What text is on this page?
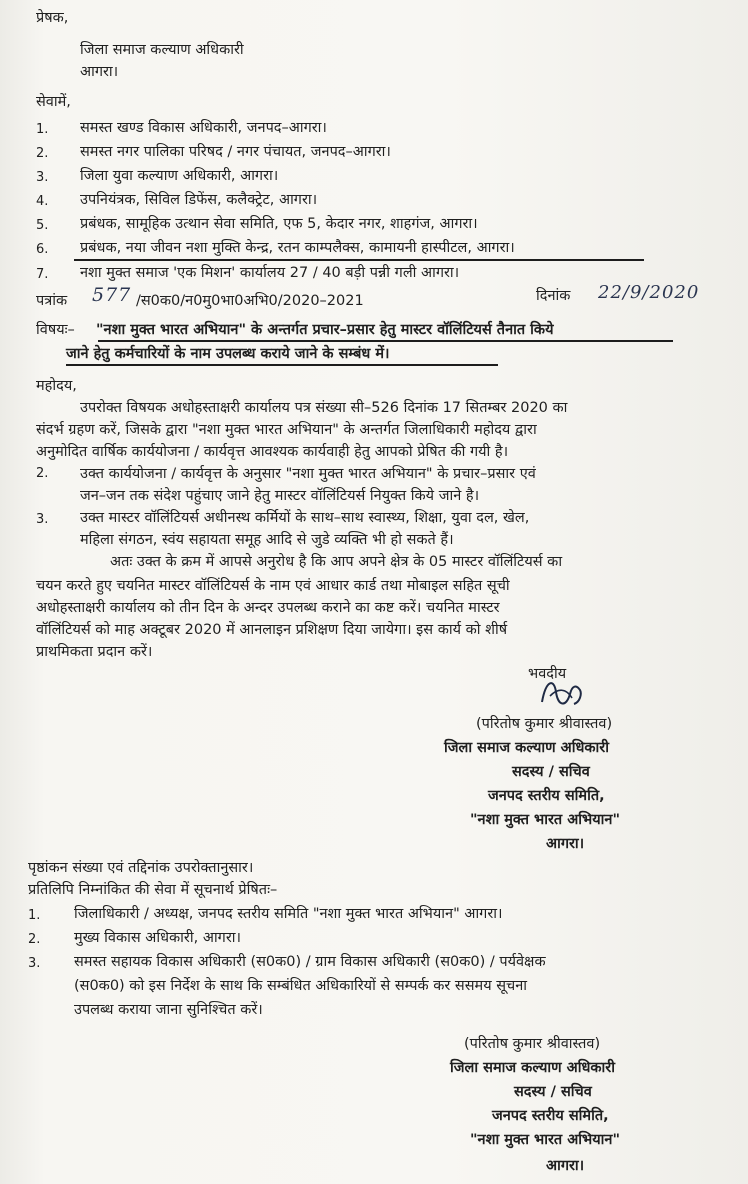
प्रेषक,
जिला समाज कल्याण अधिकारी
आगरा।
सेवामें,
1. समस्त खण्ड विकास अधिकारी, जनपद–आगरा।
2. समस्त नगर पालिका परिषद / नगर पंचायत, जनपद–आगरा।
3. जिला युवा कल्याण अधिकारी, आगरा।
4. उपनियंत्रक, सिविल डिफेंस, कलैक्ट्रेट, आगरा।
5. प्रबंधक, सामूहिक उत्थान सेवा समिति, एफ 5, केदार नगर, शाहगंज, आगरा।
6. प्रबंधक, नया जीवन नशा मुक्ति केन्द्र, रतन काम्पलैक्स, कामायनी हास्पीटल, आगरा।
7. नशा मुक्त समाज 'एक मिशन' कार्यालय 27 / 40 बड़ी पन्नी गली आगरा।
पत्रांक 577 /स0क0/न0मु0भा0अभि0/2020–2021	दिनांक 22/9/2020
विषयः– "नशा मुक्त भारत अभियान" के अन्तर्गत प्रचार–प्रसार हेतु मास्टर वॉलिंटियर्स तैनात किये
जाने हेतु कर्मचारियों के नाम उपलब्ध कराये जाने के सम्बंध में।
महोदय,
उपरोक्त विषयक अधोहस्ताक्षरी कार्यालय पत्र संख्या सी–526 दिनांक 17 सितम्बर 2020 का
संदर्भ ग्रहण करें, जिसके द्वारा "नशा मुक्त भारत अभियान" के अन्तर्गत जिलाधिकारी महोदय द्वारा
अनुमोदित वार्षिक कार्ययोजना / कार्यवृत्त आवश्यक कार्यवाही हेतु आपको प्रेषित की गयी है।
2. उक्त कार्ययोजना / कार्यवृत्त के अनुसार "नशा मुक्त भारत अभियान" के प्रचार–प्रसार एवं
जन–जन तक संदेश पहुंचाए जाने हेतु मास्टर वॉलिंटियर्स नियुक्त किये जाने है।
3. उक्त मास्टर वॉलिंटियर्स अधीनस्थ कर्मियों के साथ–साथ स्वास्थ्य, शिक्षा, युवा दल, खेल,
महिला संगठन, स्वंय सहायता समूह आदि से जुडे व्यक्ति भी हो सकते हैं।
अतः उक्त के क्रम में आपसे अनुरोध है कि आप अपने क्षेत्र के 05 मास्टर वॉलिंटियर्स का
चयन करते हुए चयनित मास्टर वॉलिंटियर्स के नाम एवं आधार कार्ड तथा मोबाइल सहित सूची
अधोहस्ताक्षरी कार्यालय को तीन दिन के अन्दर उपलब्ध कराने का कष्ट करें। चयनित मास्टर
वॉलिंटियर्स को माह अक्टूबर 2020 में आनलाइन प्रशिक्षण दिया जायेगा। इस कार्य को शीर्ष
प्राथमिकता प्रदान करें।
भवदीय
(परितोष कुमार श्रीवास्तव)
जिला समाज कल्याण अधिकारी
सदस्य / सचिव
जनपद स्तरीय समिति,
"नशा मुक्त भारत अभियान"
आगरा।
पृष्ठांकन संख्या एवं तद्दिनांक उपरोक्तानुसार।
प्रतिलिपि निम्नांकित की सेवा में सूचनार्थ प्रेषितः–
1. जिलाधिकारी / अध्यक्ष, जनपद स्तरीय समिति "नशा मुक्त भारत अभियान" आगरा।
2. मुख्य विकास अधिकारी, आगरा।
3. समस्त सहायक विकास अधिकारी (स0क0) / ग्राम विकास अधिकारी (स0क0) / पर्यवेक्षक
(स0क0) को इस निर्देश के साथ कि सम्बंधित अधिकारियों से सम्पर्क कर ससमय सूचना
उपलब्ध कराया जाना सुनिश्चित करें।
(परितोष कुमार श्रीवास्तव)
जिला समाज कल्याण अधिकारी
सदस्य / सचिव
जनपद स्तरीय समिति,
"नशा मुक्त भारत अभियान"
आगरा।
